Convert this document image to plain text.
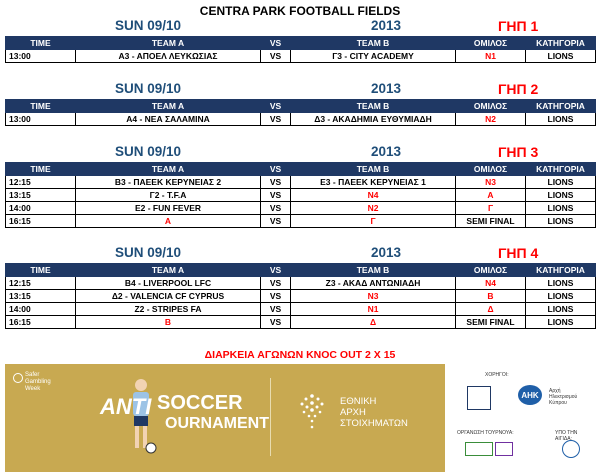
CENTRA PARK FOOTBALL FIELDS
SUN 09/10	2013	ΓΗΠ 1
TIME	TEAM A	VS	TEAM B	ΟΜΙΛΟΣ	ΚΑΤΗΓΟΡΙΑ
13:00	Α3 - ΑΠΟΕΛ ΛΕΥΚΩΣΙΑΣ	VS	Γ3 - CITY ACADEMY	Ν1	LIONS
SUN 09/10	2013	ΓΗΠ 2
TIME	TEAM A	VS	TEAM B	ΟΜΙΛΟΣ	ΚΑΤΗΓΟΡΙΑ
13:00	Α4 - ΝΕΑ ΣΑΛΑΜΙΝΑ	VS	Δ3 - ΑΚΑΔΗΜΙΑ ΕΥΘΥΜΙΑΔΗ	Ν2	LIONS
SUN 09/10	2013	ΓΗΠ 3
TIME	TEAM A	VS	TEAM B	ΟΜΙΛΟΣ	ΚΑΤΗΓΟΡΙΑ
12:15	Β3 - ΠΑΕΕΚ ΚΕΡΥΝΕΙΑΣ 2	VS	Ε3 - ΠΑΕΕΚ ΚΕΡΥΝΕΙΑΣ 1	Ν3	LIONS
13:15	Γ2 - T.F.A	VS	Ν4	Α	LIONS
14:00	Ε2 - FUN FEVER	VS	Ν2	Γ	LIONS
16:15	Α	VS	Γ	SEMI FINAL	LIONS
SUN 09/10	2013	ΓΗΠ 4
TIME	TEAM A	VS	TEAM B	ΟΜΙΛΟΣ	ΚΑΤΗΓΟΡΙΑ
12:15	Β4 - LIVERPOOL LFC	VS	Ζ3 - ΑΚΑΔ ΑΝΤΩΝΙΑΔΗ	Ν4	LIONS
13:15	Δ2 - VALENCIA CF CYPRUS	VS	Ν3	Β	LIONS
14:00	Ζ2 - STRIPES FA	VS	Ν1	Δ	LIONS
16:15	Β	VS	Δ	SEMI FINAL	LIONS
ΔΙΑΡΚΕΙΑ ΑΓΩΝΩΝ ΚΝΟC OUT 2 Χ 15
Safer
Gambling
Week
ANTI SOCCER
OURNAMENT
ΕΘΝΙΚΗ
ΑΡΧΗ
ΣΤΟΙΧΗΜΑΤΩΝ
ΧΟΡΗΓΟΙ:
ΑΗΚ Αρχή
Ηλεκτρισμού
Κύπρου
ΟΡΓΑΝΩΣΗ ΤΟΥΡΝΟΥΑ:	ΥΠΟ ΤΗΝ ΑΙΓΙΔΑ:
